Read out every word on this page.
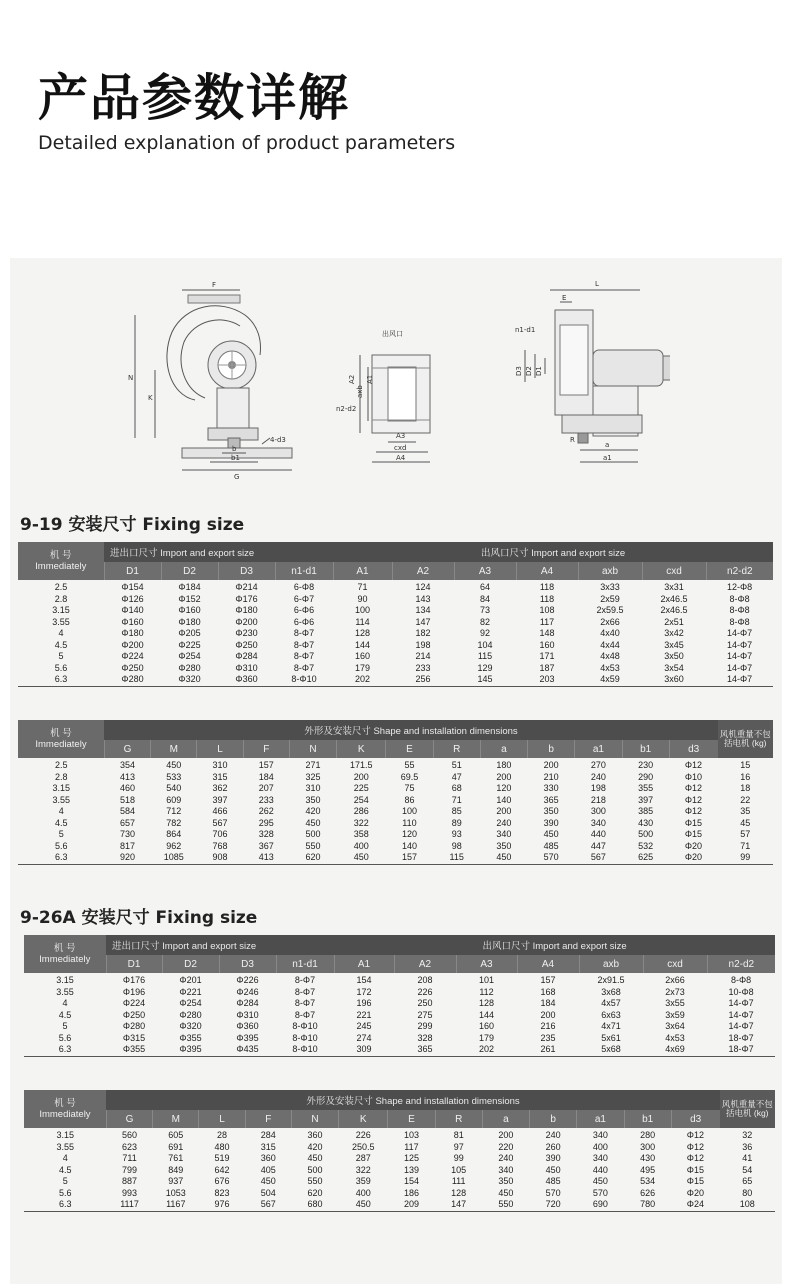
产品参数详解

Detailed explanation of product parameters

F
N
K
4-d3
b
b1
G
出风口
A2
axb
A1
n2-d2
A3
cxd
A4
L
E
n1-d1
D3 D2 D1
R
a
a1
9-19 安装尺寸 Fixing size
机 号
Immediately	进出口尺寸 Import and export size				出风口尺寸 Import and export size						
	D1	D2	D3	n1-d1	A1	A2	A3	A4	axb	cxd	n2-d2
2.5	Φ154	Φ184	Φ214	6-Φ8	71	124	64	118	3x33	3x31	12-Φ8
2.8	Φ126	Φ152	Φ176	6-Φ7	90	143	84	118	2x59	2x46.5	8-Φ8
3.15	Φ140	Φ160	Φ180	6-Φ6	100	134	73	108	2x59.5	2x46.5	8-Φ8
3.55	Φ160	Φ180	Φ200	6-Φ6	114	147	82	117	2x66	2x51	8-Φ8
4	Φ180	Φ205	Φ230	8-Φ7	128	182	92	148	4x40	3x42	14-Φ7
4.5	Φ200	Φ225	Φ250	8-Φ7	144	198	104	160	4x44	3x45	14-Φ7
5	Φ224	Φ254	Φ284	8-Φ7	160	214	115	171	4x48	3x50	14-Φ7
5.6	Φ250	Φ280	Φ310	8-Φ7	179	233	129	187	4x53	3x54	14-Φ7
6.3	Φ280	Φ320	Φ360	8-Φ10	202	256	145	203	4x59	3x60	14-Φ7
机 号
Immediately	外形及安装尺寸 Shape and installation dimensions													风机重量不包括电机 (kg)
	G	M	L	F	N	K	E	R	a	b	a1	b1	d3	
2.5	354	450	310	157	271	171.5	55	51	180	200	270	230	Φ12	15
2.8	413	533	315	184	325	200	69.5	47	200	210	240	290	Φ10	16
3.15	460	540	362	207	310	225	75	68	120	330	198	355	Φ12	18
3.55	518	609	397	233	350	254	86	71	140	365	218	397	Φ12	22
4	584	712	466	262	420	286	100	85	200	350	300	385	Φ12	35
4.5	657	782	567	295	450	322	110	89	240	390	340	430	Φ15	45
5	730	864	706	328	500	358	120	93	340	450	440	500	Φ15	57
5.6	817	962	768	367	550	400	140	98	350	485	447	532	Φ20	71
6.3	920	1085	908	413	620	450	157	115	450	570	567	625	Φ20	99
9-26A 安装尺寸 Fixing size
机 号
Immediately	进出口尺寸 Import and export size				出风口尺寸 Import and export size						
	D1	D2	D3	n1-d1	A1	A2	A3	A4	axb	cxd	n2-d2
3.15	Φ176	Φ201	Φ226	8-Φ7	154	208	101	157	2x91.5	2x66	8-Φ8
3.55	Φ196	Φ221	Φ246	8-Φ7	172	226	112	168	3x68	2x73	10-Φ8
4	Φ224	Φ254	Φ284	8-Φ7	196	250	128	184	4x57	3x55	14-Φ7
4.5	Φ250	Φ280	Φ310	8-Φ7	221	275	144	200	6x63	3x59	14-Φ7
5	Φ280	Φ320	Φ360	8-Φ10	245	299	160	216	4x71	3x64	14-Φ7
5.6	Φ315	Φ355	Φ395	8-Φ10	274	328	179	235	5x61	4x53	18-Φ7
6.3	Φ355	Φ395	Φ435	8-Φ10	309	365	202	261	5x68	4x69	18-Φ7
机 号
Immediately	外形及安装尺寸 Shape and installation dimensions													风机重量不包括电机 (kg)
	G	M	L	F	N	K	E	R	a	b	a1	b1	d3	
3.15	560	605	28	284	360	226	103	81	200	240	340	280	Φ12	32
3.55	623	691	480	315	420	250.5	117	97	220	260	400	300	Φ12	36
4	711	761	519	360	450	287	125	99	240	390	340	430	Φ12	41
4.5	799	849	642	405	500	322	139	105	340	450	440	495	Φ15	54
5	887	937	676	450	550	359	154	111	350	485	450	534	Φ15	65
5.6	993	1053	823	504	620	400	186	128	450	570	570	626	Φ20	80
6.3	1117	1167	976	567	680	450	209	147	550	720	690	780	Φ24	108
